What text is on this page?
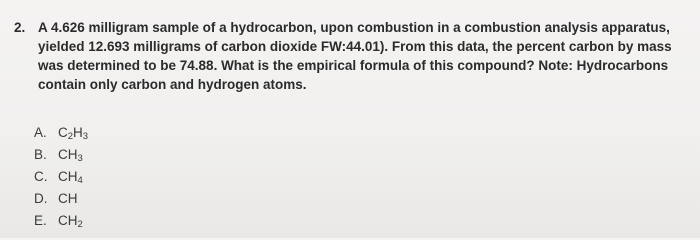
2. A 4.626 milligram sample of a hydrocarbon, upon combustion in a combustion analysis apparatus, yielded 12.693 milligrams of carbon dioxide FW:44.01). From this data, the percent carbon by mass was determined to be 74.88. What is the empirical formula of this compound? Note: Hydrocarbons contain only carbon and hydrogen atoms.
A. $C_2H_3$
B. $CH_3$
C. $CH_4$
D. CH
E. $CH_2$
